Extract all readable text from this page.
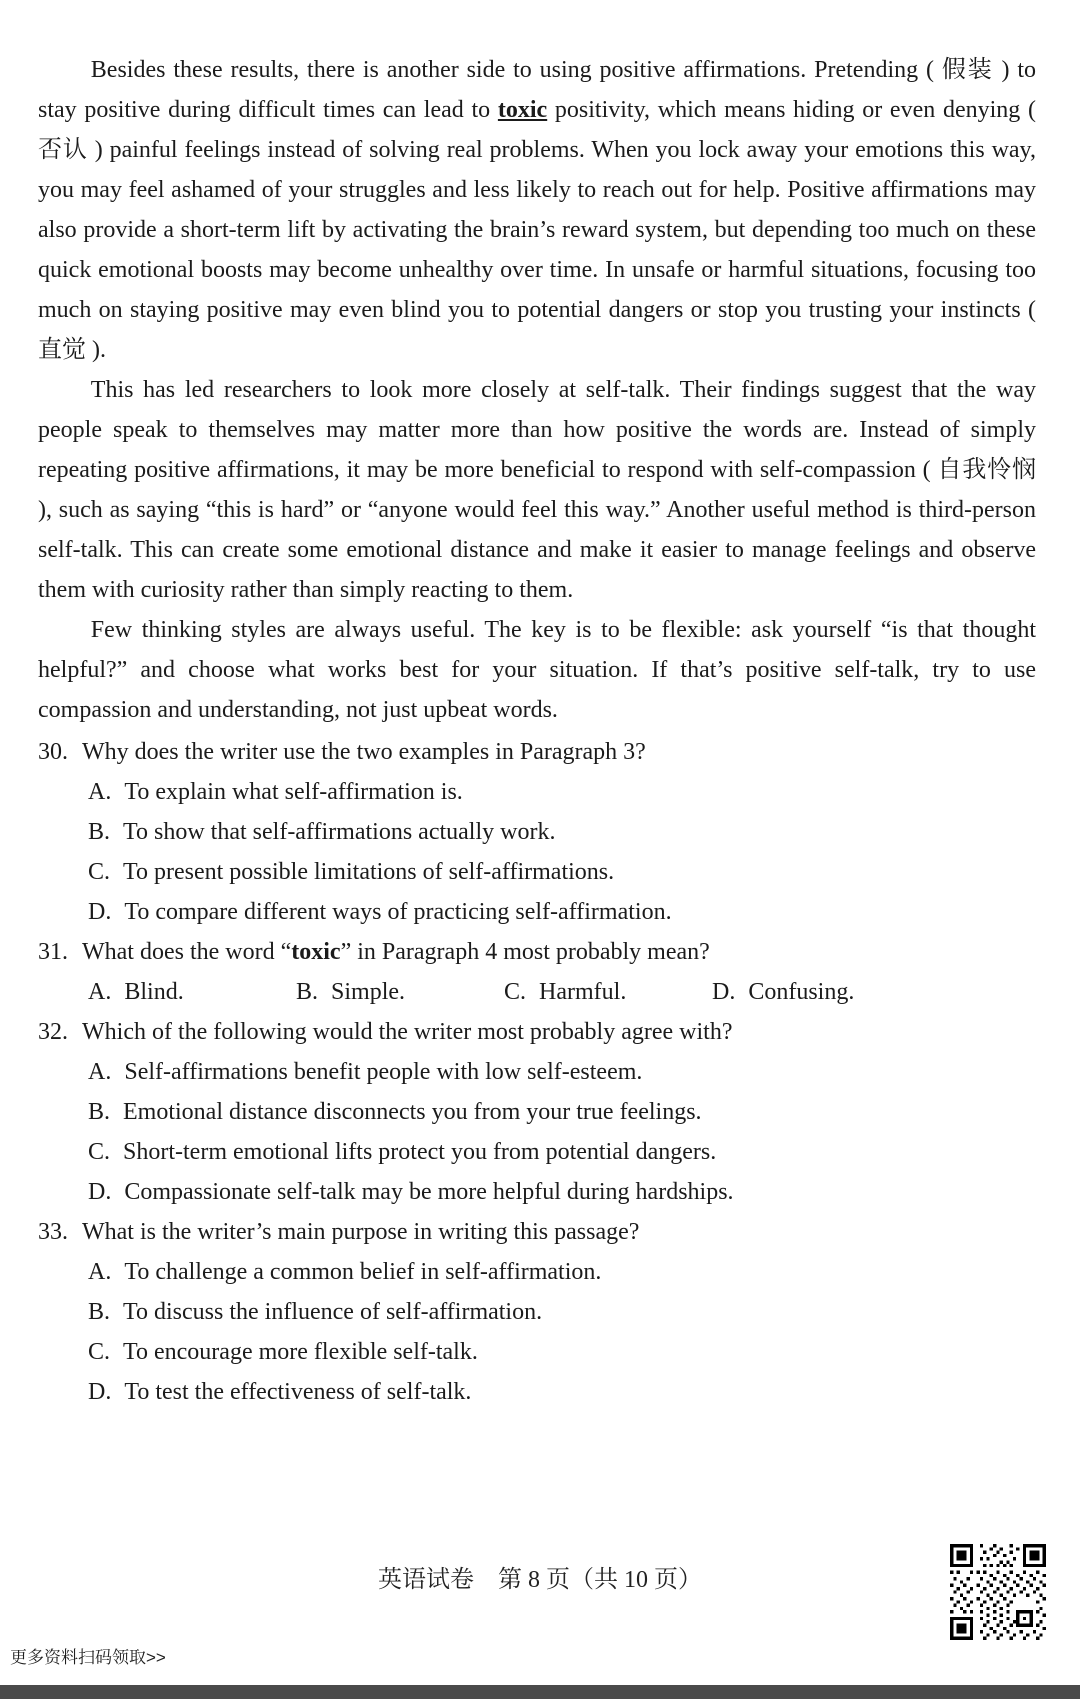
Besides these results, there is another side to using positive affirmations. Pretending ( 假装 ) to stay positive during difficult times can lead to toxic positivity, which means hiding or even denying ( 否认 ) painful feelings instead of solving real problems. When you lock away your emotions this way, you may feel ashamed of your struggles and less likely to reach out for help. Positive affirmations may also provide a short-term lift by activating the brain’s reward system, but depending too much on these quick emotional boosts may become unhealthy over time. In unsafe or harmful situations, focusing too much on staying positive may even blind you to potential dangers or stop you trusting your instincts ( 直觉 ).

This has led researchers to look more closely at self-talk. Their findings suggest that the way people speak to themselves may matter more than how positive the words are. Instead of simply repeating positive affirmations, it may be more beneficial to respond with self-compassion ( 自我怜悯 ), such as saying “this is hard” or “anyone would feel this way.” Another useful method is third-person self-talk. This can create some emotional distance and make it easier to manage feelings and observe them with curiosity rather than simply reacting to them.

Few thinking styles are always useful. The key is to be flexible: ask yourself “is that thought helpful?” and choose what works best for your situation. If that’s positive self-talk, try to use compassion and understanding, not just upbeat words.

30. Why does the writer use the two examples in Paragraph 3?
A. To explain what self-affirmation is.
B. To show that self-affirmations actually work.
C. To present possible limitations of self-affirmations.
D. To compare different ways of practicing self-affirmation.
31. What does the word “toxic” in Paragraph 4 most probably mean?
A. Blind.	B. Simple.	C. Harmful.	D. Confusing.
32. Which of the following would the writer most probably agree with?
A. Self-affirmations benefit people with low self-esteem.
B. Emotional distance disconnects you from your true feelings.
C. Short-term emotional lifts protect you from potential dangers.
D. Compassionate self-talk may be more helpful during hardships.
33. What is the writer’s main purpose in writing this passage?
A. To challenge a common belief in self-affirmation.
B. To discuss the influence of self-affirmation.
C. To encourage more flexible self-talk.
D. To test the effectiveness of self-talk.
英语试卷　第 8 页（共 10 页）
更多资料扫码领取>>
